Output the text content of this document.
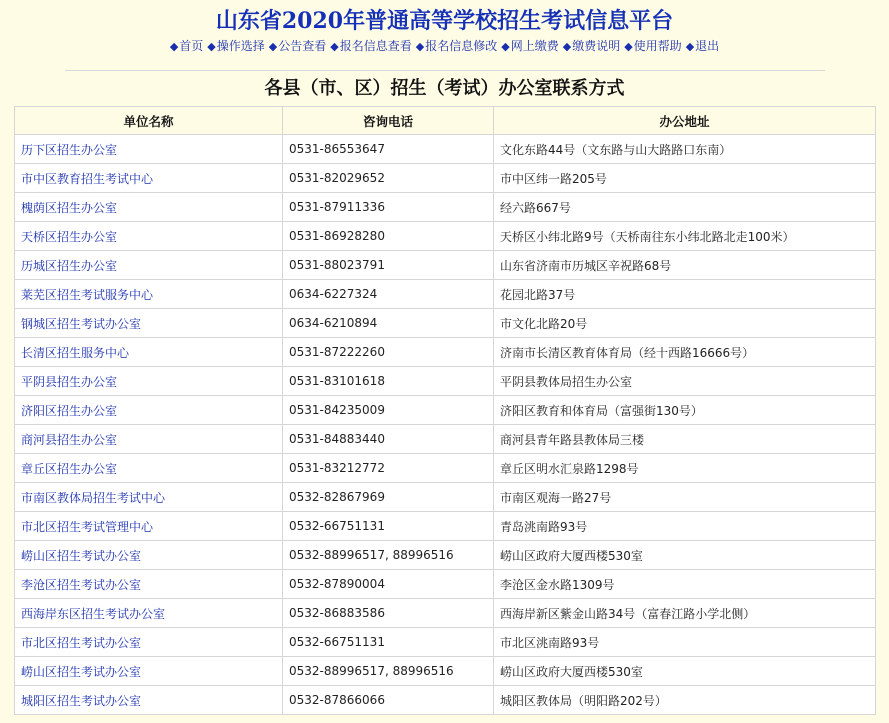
山东省2020年普通高等学校招生考试信息平台
◆首页 ◆操作选择 ◆公告查看 ◆报名信息查看 ◆报名信息修改 ◆网上缴费 ◆缴费说明 ◆使用帮助 ◆退出
各县（市、区）招生（考试）办公室联系方式
单位名称	咨询电话	办公地址
历下区招生办公室	0531-86553647	文化东路44号（文东路与山大路路口东南）
市中区教育招生考试中心	0531-82029652	市中区纬一路205号
槐荫区招生办公室	0531-87911336	经六路667号
天桥区招生办公室	0531-86928280	天桥区小纬北路9号（天桥南往东小纬北路北走100米）
历城区招生办公室	0531-88023791	山东省济南市历城区辛祝路68号
莱芜区招生考试服务中心	0634-6227324	花园北路37号
钢城区招生考试办公室	0634-6210894	市文化北路20号
长清区招生服务中心	0531-87222260	济南市长清区教育体育局（经十西路16666号）
平阴县招生办公室	0531-83101618	平阴县教体局招生办公室
济阳区招生办公室	0531-84235009	济阳区教育和体育局（富强街130号）
商河县招生办公室	0531-84883440	商河县青年路县教体局三楼
章丘区招生办公室	0531-83212772	章丘区明水汇泉路1298号
市南区教体局招生考试中心	0532-82867969	市南区观海一路27号
市北区招生考试管理中心	0532-66751131	青岛洮南路93号
崂山区招生考试办公室	0532-88996517, 88996516	崂山区政府大厦西楼530室
李沧区招生考试办公室	0532-87890004	李沧区金水路1309号
西海岸东区招生考试办公室	0532-86883586	西海岸新区紫金山路34号（富春江路小学北侧）
市北区招生考试办公室	0532-66751131	市北区洮南路93号
崂山区招生考试办公室	0532-88996517, 88996516	崂山区政府大厦西楼530室
城阳区招生考试办公室	0532-87866066	城阳区教体局（明阳路202号）
